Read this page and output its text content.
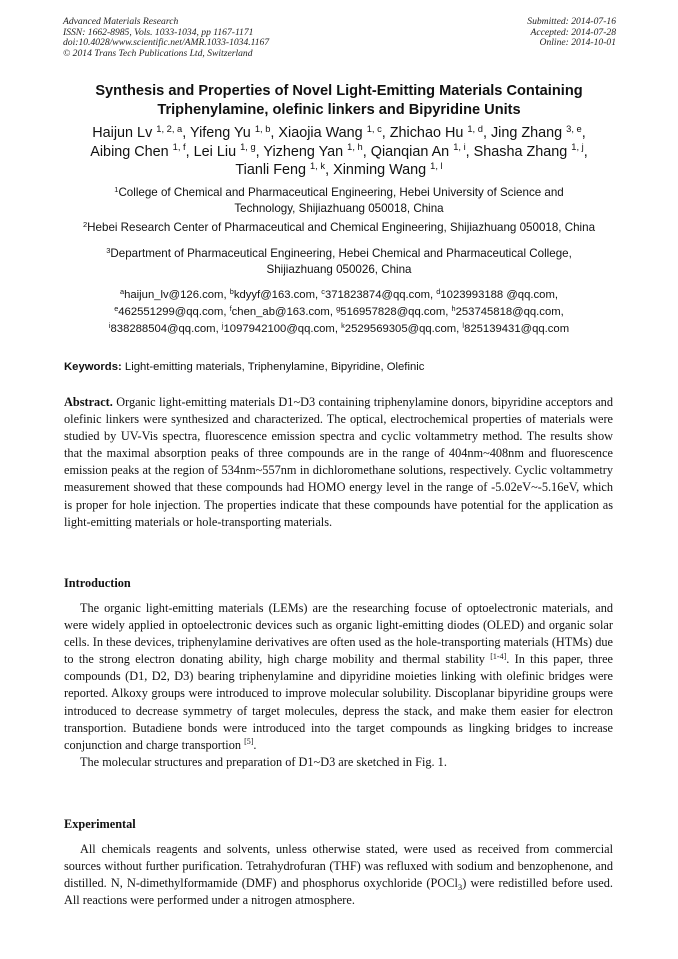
Advanced Materials Research
ISSN: 1662-8985, Vols. 1033-1034, pp 1167-1171
doi:10.4028/www.scientific.net/AMR.1033-1034.1167
© 2014 Trans Tech Publications Ltd, Switzerland
Submitted: 2014-07-16
Accepted: 2014-07-28
Online: 2014-10-01
Synthesis and Properties of Novel Light-Emitting Materials Containing
Triphenylamine, olefinic linkers and Bipyridine Units
Haijun Lv $^{1, 2, a}$, Yifeng Yu $^{1, b}$, Xiaojia Wang $^{1, c}$, Zhichao Hu $^{1, d}$, Jing Zhang $^{3, e}$,
Aibing Chen $^{1, f}$, Lei Liu $^{1, g}$, Yizheng Yan $^{1, h}$, Qianqian An $^{1, i}$, Shasha Zhang $^{1, j}$,
Tianli Feng $^{1, k}$, Xinming Wang $^{1, l}$
$^1$College of Chemical and Pharmaceutical Engineering, Hebei University of Science and
Technology, Shijiazhuang 050018, China
$^2$Hebei Research Center of Pharmaceutical and Chemical Engineering, Shijiazhuang 050018, China
$^3$Department of Pharmaceutical Engineering, Hebei Chemical and Pharmaceutical College,
Shijiazhuang 050026, China
$^a$haijun_lv@126.com, $^b$kdyyf@163.com, $^c$371823874@qq.com, $^d$1023993188 @qq.com,
$^e$462551299@qq.com, $^f$chen_ab@163.com, $^g$516957828@qq.com, $^h$253745818@qq.com,
$^i$838288504@qq.com, $^j$1097942100@qq.com, $^k$2529569305@qq.com, $^l$825139431@qq.com
Keywords: Light-emitting materials, Triphenylamine, Bipyridine, Olefinic
Abstract. Organic light-emitting materials D1~D3 containing triphenylamine donors, bipyridine acceptors and olefinic linkers were synthesized and characterized. The optical, electrochemical properties of materials were studied by UV-Vis spectra, fluorescence emission spectra and cyclic voltammetry method. The results show that the maximal absorption peaks of three compounds are in the range of 404nm~408nm and fluorescence emission peaks at the region of 534nm~557nm in dichloromethane solutions, respectively. Cyclic voltammetry measurement showed that these compounds had HOMO energy level in the range of -5.02eV~-5.16eV, which is proper for hole injection. The properties indicate that these compounds have potential for the application as light-emitting materials or hole-transporting materials.
Introduction

The organic light-emitting materials (LEMs) are the researching focuse of optoelectronic materials, and were widely applied in optoelectronic devices such as organic light-emitting diodes (OLED) and organic solar cells. In these devices, triphenylamine derivatives are often used as the hole-transporting materials (HTMs) due to the strong electron donating ability, high charge mobility and thermal stability [1-4]. In this paper, three compounds (D1, D2, D3) bearing triphenylamine and dipyridine moieties linking with olefinic bridges were reported. Alkoxy groups were introduced to improve molecular solubility. Discoplanar bipyridine groups were introduced to decrease symmetry of target molecules, depress the stack, and make them easier for electron transportion. Butadiene bonds were introduced into the target compounds as lingking bridges to increase conjunction and charge transportion [5].

The molecular structures and preparation of D1~D3 are sketched in Fig. 1.

Experimental

All chemicals reagents and solvents, unless otherwise stated, were used as received from commercial sources without further purification. Tetrahydrofuran (THF) was refluxed with sodium and benzophenone, and distilled. N, N-dimethylformamide (DMF) and phosphorus oxychloride (POCl$_3$) were redistilled before used. All reactions were performed under a nitrogen atmosphere.
